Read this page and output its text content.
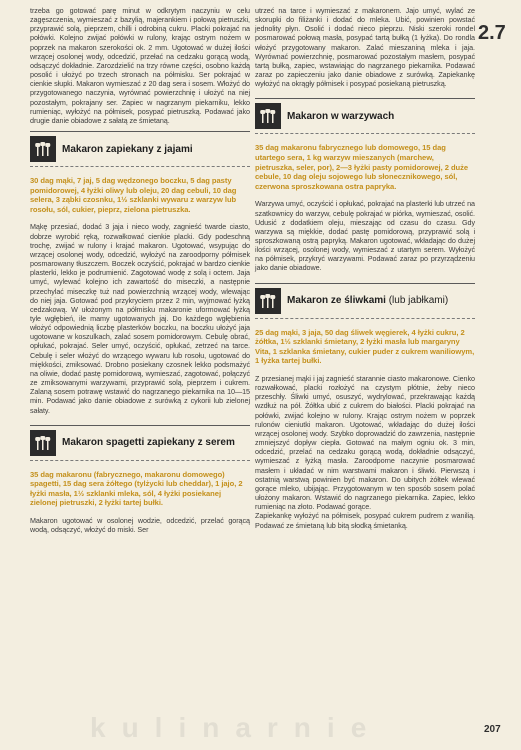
2.7

trzeba go gotować parę minut w odkrytym naczyniu w celu zagęszczenia, wymieszać z bazylią, majerankiem i połową pietruszki, przyprawić solą, pieprzem, chilli i odrobiną cukru. Placki pokrajać na połówki. Kolejno zwijać połówki w rulony, krając ostrym nożem w poprzek na makaron szerokości ok. 2 mm. Ugotować w dużej ilości wrzącej osolonej wody, odcedzić, przełać na cedzaku gorącą wodą, odsączyć dokładnie. Zarozdzielić na trzy równe części, osobno każdą posolić i ułożyć po trzech stronach na półmisku. Ser pokrajać w cienkie słupki. Makaron wymieszać z 20 dag sera i sosem. Włożyć do przygotowanego naczynia, wyrównać powierzchnię i ułożyć na niej pozostałym, pokrajany ser. Zapiec w nagrzanym piekarniku, lekko rumieniąc, wyłożyć na półmisek, posypać pietruszką. Podawać jako drugie danie obiadowe z sałatą ze śmietaną.

Makaron zapiekany z jajami

30 dag mąki, 7 jaj, 5 dag wędzonego boczku, 5 dag pasty pomidorowej, 4 łyżki oliwy lub oleju, 20 dag cebuli, 10 dag selera, 3 ząbki czosnku, 1½ szklanki wywaru z warzyw lub rosołu, sól, cukier, pieprz, zielona pietruszka.

Mąkę przesiać, dodać 3 jaja i nieco wody, zagnieść twarde ciasto, dobrze wyrobić ręką, rozwałkować cienkie placki. Gdy podeschną trochę, zwijać w rulony i krajać makaron. Ugotować, wsypując do wrzącej osolonej wody, odcedzić, wyłożyć na zaroodporny półmisek posmarowany tłuszczem. Boczek oczyścić, pokrajać w bardzo cienkie plasterki, lekko je podrumienić. Zagotować wodę z solą i octem. Jaja umyć, wylewać kolejno ich zawartość do miseczki, a następnie przechylać miseczkę tuż nad powierzchnią wrzącej wody, wlewając do niej jaja. Gotować pod przykryciem przez 2 min, wyjmować łyżką cedzakową. W ułożonym na półmisku makaronie uformować łyżką tyle wgłębień, ile mamy ugotowanych jaj. Do każdego wgłębienia włożyć odpowiednią liczbę plasterków boczku, na boczku ułożyć jaja ugotowane w koszulkach, zalać sosem pomidorowym. Cebulę obrać, opłukać, pokrajać. Seler umyć, oczyścić, opłukać, zetrzeć na tarce. Cebulę i seler włożyć do wrzącego wywaru lub rosołu, ugotować do miękkości, zmiksować. Drobno posiekany czosnek lekko podsmażyć na oliwie, dodać pastę pomidorową, wymieszać, zagotować, połączyć ze zmiksowanymi warzywami, przyprawić solą, pieprzem i cukrem. Zalaną sosem potrawę wstawić do nagrzanego piekarnika na 10—15 min. Podawać jako danie obiadowe z surówką z cykorii lub zielonej sałaty.

Makaron spagetti zapiekany z serem

35 dag makaronu (fabrycznego, makaronu domowego) spagetti, 15 dag sera żółtego (tylżycki lub cheddar), 1 jajo, 2 łyżki masła, 1½ szklanki mleka, sól, 4 łyżki posiekanej zielonej pietruszki, 2 łyżki tartej bułki.

Makaron ugotować w osolonej wodzie, odcedzić, przelać gorącą wodą, odsączyć, włożyć do miski. Ser

utrzeć na tarce i wymieszać z makaronem. Jajo umyć, wylać ze skorupki do filiżanki i dodać do mleka. Ubić, powinien powstać jednolity płyn. Osolić i dodać nieco pieprzu. Niski szeroki rondel posmarować połową masła, posypać tartą bułką (1 łyżka). Do rondla włożyć przygotowany makaron. Zalać mieszaniną mleka i jaja. Wyrównać powierzchnię, posmarować pozostałym masłem, posypać tartą bułką, zapiec, wstawiając do nagrzanego piekarnika. Podawać zaraz po zapieczeniu jako danie obiadowe z surówką. Zapiekankę wyłożyć na okrągły półmisek i posypać posiekaną pietruszką.

Makaron w warzywach

35 dag makaronu fabrycznego lub domowego, 15 dag utartego sera, 1 kg warzyw mieszanych (marchew, pietruszka, seler, por), 2—3 łyżki pasty pomidorowej, 2 duże cebule, 10 dag oleju sojowego lub słonecznikowego, sól, czerwona sproszkowana ostra papryka.

Warzywa umyć, oczyścić i opłukać, pokrajać na plasterki lub utrzeć na szatkownicy do warzyw, cebulę pokrajać w piórka, wymieszać, osolić. Udusić z dodatkiem oleju, mieszając od czasu do czasu. Gdy warzywa są miękkie, dodać pastę pomidorową, przyprawić solą i sproszkowaną ostrą papryką. Makaron ugotować, wkładając do dużej ilości wrzącej, osolonej wody, wymieszać z utartym serem. Wyłożyć na półmisek, przykryć warzywami. Podawać zaraz po przyrządzeniu jako danie obiadowe.

Makaron ze śliwkami (lub jabłkami)

25 dag mąki, 3 jaja, 50 dag śliwek węgierek, 4 łyżki cukru, 2 żółtka, 1½ szklanki śmietany, 2 łyżki masła lub margaryny Vita, 1 szklanka śmietany, cukier puder z cukrem waniliowym, 1 łyżka tartej bułki.

Z przesianej mąki i jaj zagnieść starannie ciasto makaronowe. Cienko rozwałkować, placki rozłożyć na czystym płótnie, żeby nieco przeschły. Śliwki umyć, osuszyć, wydrylować, przekrawając każdą wzdłuż na pół. Żółtka ubić z cukrem do białości. Placki pokrajać na połówki, zwijać kolejno w rulony. Krając ostrym nożem w poprzek rulonów cieniutki makaron. Ugotować, wkładając do dużej ilości wrzącej osolonej wody. Szybko doprowadzić do zawrzenia, następnie zmniejszyć dopływ ciepła. Gotować na małym ogniu ok. 3 min, odcedzić, przelać na cedzaku gorącą wodą, dokładnie odsączyć, wymieszać z łyżką masła. Zaroodporne naczynie posmarować masłem i układać w nim warstwami makaron i śliwki. Pierwszą i ostatnią warstwą powinien być makaron. Do ubitych żółtek wlewać gorące mleko, ubijając. Przygotowanym w ten sposób sosem polać ułożony makaron. Wstawić do nagrzanego piekarnika. Zapiec, lekko rumieniąc na złoto. Podawać gorące.

Zapiekankę wyłożyć na półmisek, posypać cukrem pudrem z wanilią. Podawać ze śmietaną lub bitą słodką śmietanką.

kulinarnie	207
